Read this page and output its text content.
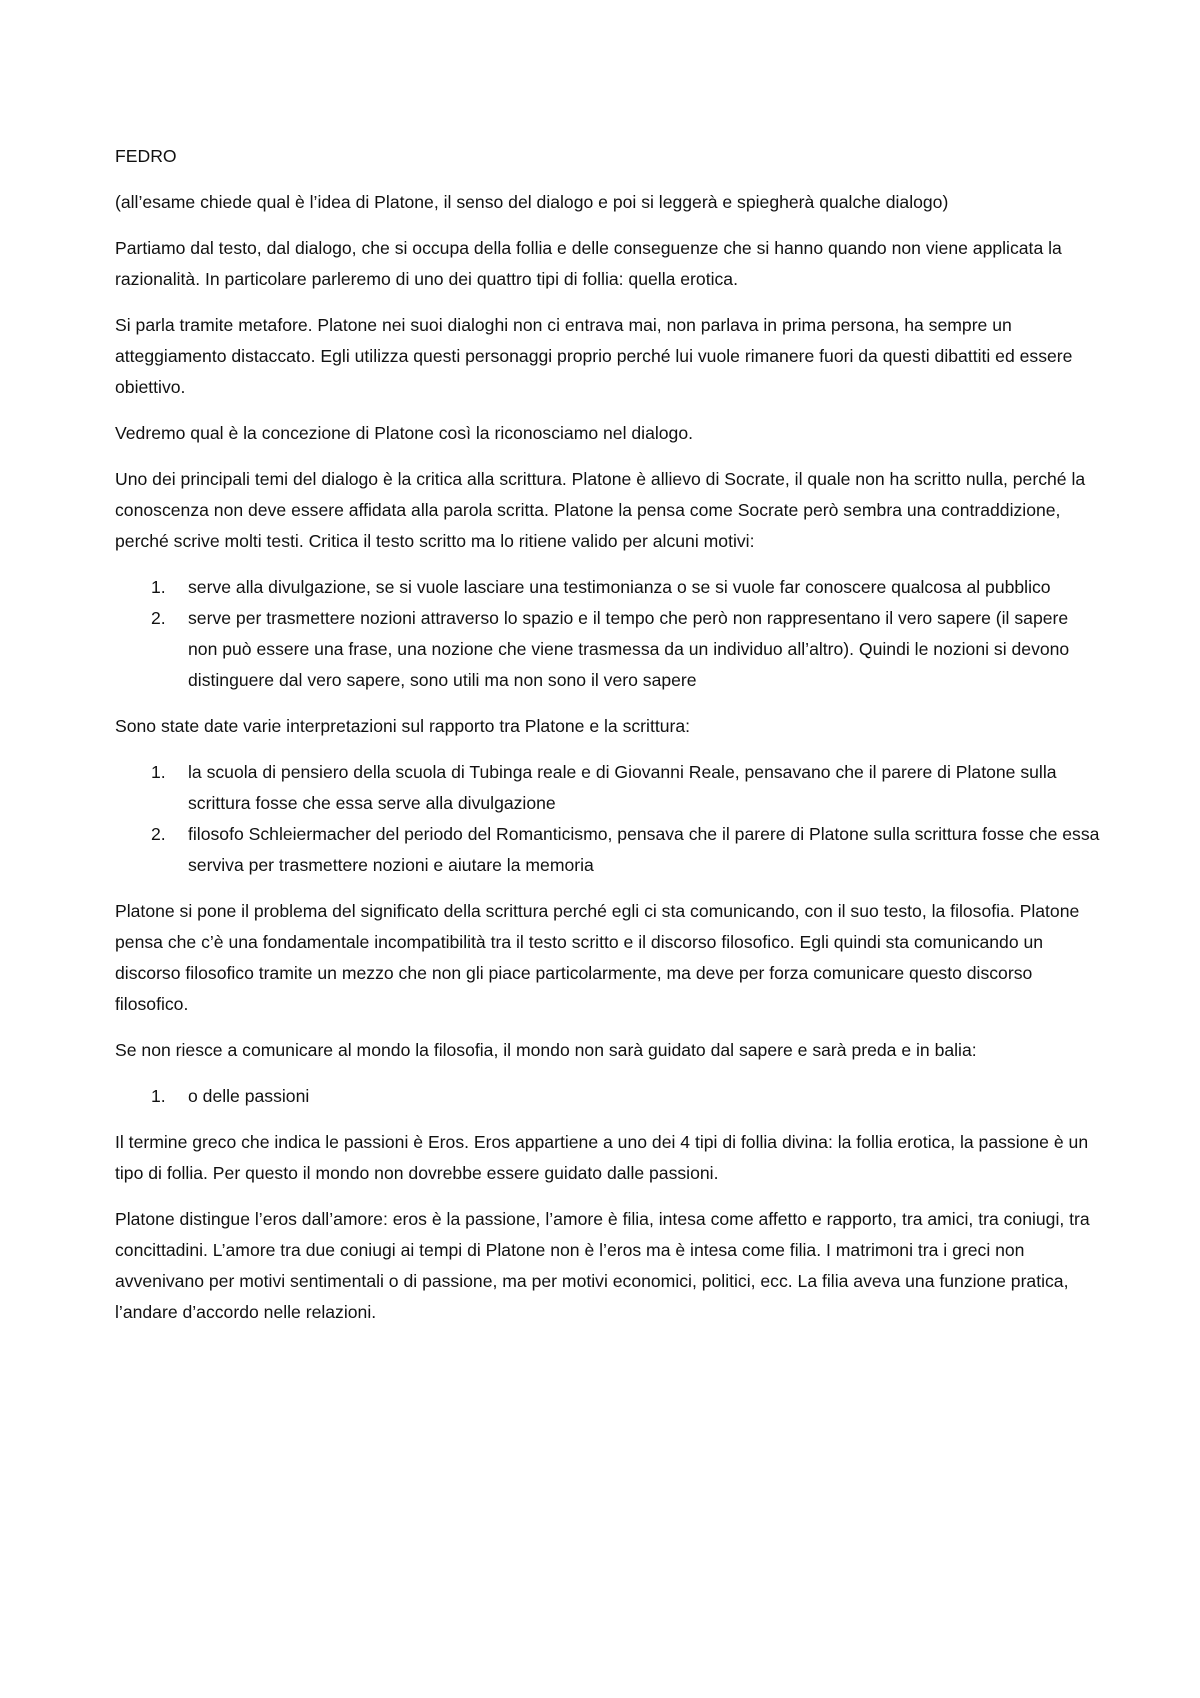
FEDRO

(all’esame chiede qual è l’idea di Platone, il senso del dialogo e poi si leggerà e spiegherà qualche dialogo)

Partiamo dal testo, dal dialogo, che si occupa della follia e delle conseguenze che si hanno quando non viene applicata la razionalità. In particolare parleremo di uno dei quattro tipi di follia: quella erotica.

Si parla tramite metafore. Platone nei suoi dialoghi non ci entrava mai, non parlava in prima persona, ha sempre un atteggiamento distaccato. Egli utilizza questi personaggi proprio perché lui vuole rimanere fuori da questi dibattiti ed essere obiettivo.

Vedremo qual è la concezione di Platone così la riconosciamo nel dialogo.

Uno dei principali temi del dialogo è la critica alla scrittura. Platone è allievo di Socrate, il quale non ha scritto nulla, perché la conoscenza non deve essere affidata alla parola scritta. Platone la pensa come Socrate però sembra una contraddizione, perché scrive molti testi. Critica il testo scritto ma lo ritiene valido per alcuni motivi:

1. serve alla divulgazione, se si vuole lasciare una testimonianza o se si vuole far conoscere qualcosa al pubblico
2. serve per trasmettere nozioni attraverso lo spazio e il tempo che però non rappresentano il vero sapere (il sapere non può essere una frase, una nozione che viene trasmessa da un individuo all’altro). Quindi le nozioni si devono distinguere dal vero sapere, sono utili ma non sono il vero sapere

Sono state date varie interpretazioni sul rapporto tra Platone e la scrittura:

1. la scuola di pensiero della scuola di Tubinga reale e di Giovanni Reale, pensavano che il parere di Platone sulla scrittura fosse che essa serve alla divulgazione
2. filosofo Schleiermacher del periodo del Romanticismo, pensava che il parere di Platone sulla scrittura fosse che essa serviva per trasmettere nozioni e aiutare la memoria

Platone si pone il problema del significato della scrittura perché egli ci sta comunicando, con il suo testo, la filosofia. Platone pensa che c’è una fondamentale incompatibilità tra il testo scritto e il discorso filosofico. Egli quindi sta comunicando un discorso filosofico tramite un mezzo che non gli piace particolarmente, ma deve per forza comunicare questo discorso filosofico.

Se non riesce a comunicare al mondo la filosofia, il mondo non sarà guidato dal sapere e sarà preda e in balia:

1. o delle passioni

Il termine greco che indica le passioni è Eros. Eros appartiene a uno dei 4 tipi di follia divina: la follia erotica, la passione è un tipo di follia. Per questo il mondo non dovrebbe essere guidato dalle passioni.

Platone distingue l’eros dall’amore: eros è la passione, l’amore è filia, intesa come affetto e rapporto, tra amici, tra coniugi, tra concittadini. L’amore tra due coniugi ai tempi di Platone non è l’eros ma è intesa come filia. I matrimoni tra i greci non avvenivano per motivi sentimentali o di passione, ma per motivi economici, politici, ecc. La filia aveva una funzione pratica, l’andare d’accordo nelle relazioni.
